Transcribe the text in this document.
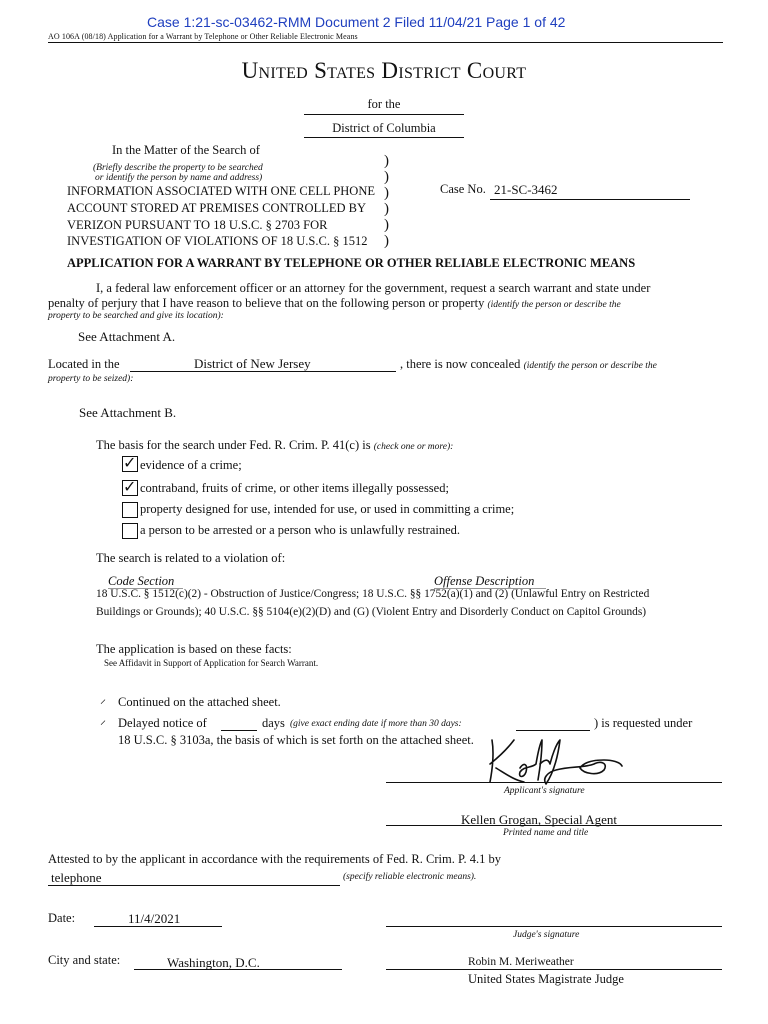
Case 1:21-sc-03462-RMM Document 2 Filed 11/04/21 Page 1 of 42
AO 106A (08/18) Application for a Warrant by Telephone or Other Reliable Electronic Means
United States District Court
for the
District of Columbia
In the Matter of the Search of
(Briefly describe the property to be searched
or identify the person by name and address)
INFORMATION ASSOCIATED WITH ONE CELL PHONE
ACCOUNT STORED AT PREMISES CONTROLLED BY
VERIZON PURSUANT TO 18 U.S.C. § 2703 FOR
INVESTIGATION OF VIOLATIONS OF 18 U.S.C. § 1512
)
)
)
)
)
)
Case No. 21-SC-3462
APPLICATION FOR A WARRANT BY TELEPHONE OR OTHER RELIABLE ELECTRONIC MEANS
I, a federal law enforcement officer or an attorney for the government, request a search warrant and state under
penalty of perjury that I have reason to believe that on the following person or property (identify the person or describe the
property to be searched and give its location):
See Attachment A.
Located in the	District of New Jersey	, there is now concealed (identify the person or describe the
property to be seized):
See Attachment B.
The basis for the search under Fed. R. Crim. P. 41(c) is (check one or more):
✓ evidence of a crime;
✓ contraband, fruits of crime, or other items illegally possessed;
property designed for use, intended for use, or used in committing a crime;
a person to be arrested or a person who is unlawfully restrained.
The search is related to a violation of:
Code Section	Offense Description
18 U.S.C. § 1512(c)(2) - Obstruction of Justice/Congress; 18 U.S.C. §§ 1752(a)(1) and (2) (Unlawful Entry on Restricted
Buildings or Grounds); 40 U.S.C. §§ 5104(e)(2)(D) and (G) (Violent Entry and Disorderly Conduct on Capitol Grounds)
The application is based on these facts:
See Affidavit in Support of Application for Search Warrant.
⸍ Continued on the attached sheet.
⸍ Delayed notice of	days (give exact ending date if more than 30 days:	) is requested under
18 U.S.C. § 3103a, the basis of which is set forth on the attached sheet.
Applicant's signature
Kellen Grogan, Special Agent
Printed name and title
Attested to by the applicant in accordance with the requirements of Fed. R. Crim. P. 4.1 by
telephone	(specify reliable electronic means).
Date:	11/4/2021
Judge's signature
City and state:	Washington, D.C.	Robin M. Meriweather
United States Magistrate Judge
